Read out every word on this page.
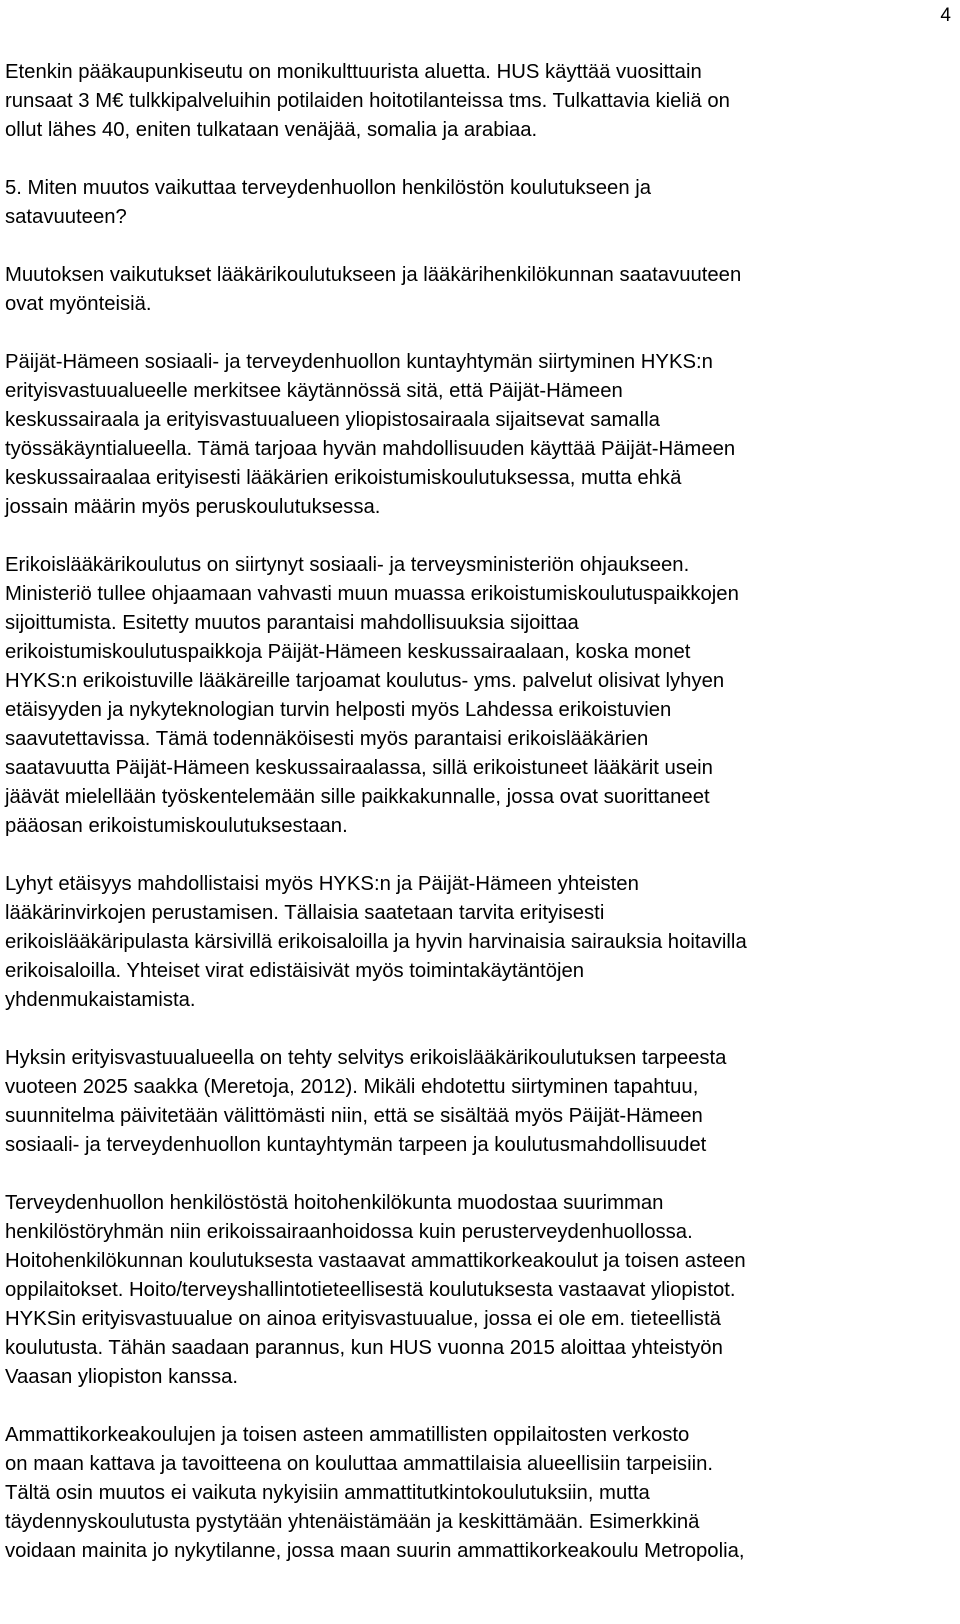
4

Etenkin pääkaupunkiseutu on monikulttuurista aluetta. HUS käyttää vuosittain
runsaat 3 M€ tulkkipalveluihin potilaiden hoitotilanteissa tms. Tulkattavia kieliä on
ollut lähes 40, eniten tulkataan venäjää, somalia ja arabiaa.

5. Miten muutos vaikuttaa terveydenhuollon henkilöstön koulutukseen ja
satavuuteen?

Muutoksen vaikutukset lääkärikoulutukseen ja lääkärihenkilökunnan saatavuuteen
ovat myönteisiä.

Päijät-Hämeen sosiaali- ja terveydenhuollon kuntayhtymän siirtyminen HYKS:n
erityisvastuualueelle merkitsee käytännössä sitä, että Päijät-Hämeen
keskussairaala ja erityisvastuualueen yliopistosairaala sijaitsevat samalla
työssäkäyntialueella. Tämä tarjoaa hyvän mahdollisuuden käyttää Päijät-Hämeen
keskussairaalaa erityisesti lääkärien erikoistumiskoulutuksessa, mutta ehkä
jossain määrin myös peruskoulutuksessa.

Erikoislääkärikoulutus on siirtynyt sosiaali- ja terveysministeriön ohjaukseen.
Ministeriö tullee ohjaamaan vahvasti muun muassa erikoistumiskoulutuspaikkojen
sijoittumista. Esitetty muutos parantaisi mahdollisuuksia sijoittaa
erikoistumiskoulutuspaikkoja Päijät-Hämeen keskussairaalaan, koska monet
HYKS:n erikoistuville lääkäreille tarjoamat koulutus- yms. palvelut olisivat lyhyen
etäisyyden ja nykyteknologian turvin helposti myös Lahdessa erikoistuvien
saavutettavissa. Tämä todennäköisesti myös parantaisi erikoislääkärien
saatavuutta Päijät-Hämeen keskussairaalassa, sillä erikoistuneet lääkärit usein
jäävät mielellään työskentelemään sille paikkakunnalle, jossa ovat suorittaneet
pääosan erikoistumiskoulutuksestaan.

Lyhyt etäisyys mahdollistaisi myös HYKS:n ja Päijät-Hämeen yhteisten
lääkärinvirkojen perustamisen. Tällaisia saatetaan tarvita erityisesti
erikoislääkäripulasta kärsivillä erikoisaloilla ja hyvin harvinaisia sairauksia hoitavilla
erikoisaloilla. Yhteiset virat edistäisivät myös toimintakäytäntöjen
yhdenmukaistamista.

Hyksin erityisvastuualueella on tehty selvitys erikoislääkärikoulutuksen tarpeesta
vuoteen 2025 saakka (Meretoja, 2012). Mikäli ehdotettu siirtyminen tapahtuu,
suunnitelma päivitetään välittömästi niin, että se sisältää myös Päijät-Hämeen
sosiaali- ja terveydenhuollon kuntayhtymän tarpeen ja koulutusmahdollisuudet

Terveydenhuollon henkilöstöstä hoitohenkilökunta muodostaa suurimman
henkilöstöryhmän niin erikoissairaanhoidossa kuin perusterveydenhuollossa.
Hoitohenkilökunnan koulutuksesta vastaavat ammattikorkeakoulut ja toisen asteen
oppilaitokset. Hoito/terveyshallintotieteellisestä koulutuksesta vastaavat yliopistot.
HYKSin erityisvastuualue on ainoa erityisvastuualue, jossa ei ole em. tieteellistä
koulutusta. Tähän saadaan parannus, kun HUS vuonna 2015 aloittaa yhteistyön
Vaasan yliopiston kanssa.

Ammattikorkeakoulujen ja toisen asteen ammatillisten oppilaitosten verkosto
on maan kattava ja tavoitteena on kouluttaa ammattilaisia alueellisiin tarpeisiin.
Tältä osin muutos ei vaikuta nykyisiin ammattitutkintokoulutuksiin, mutta
täydennyskoulutusta pystytään yhtenäistämään ja keskittämään. Esimerkkinä
voidaan mainita jo nykytilanne, jossa maan suurin ammattikorkeakoulu Metropolia,
